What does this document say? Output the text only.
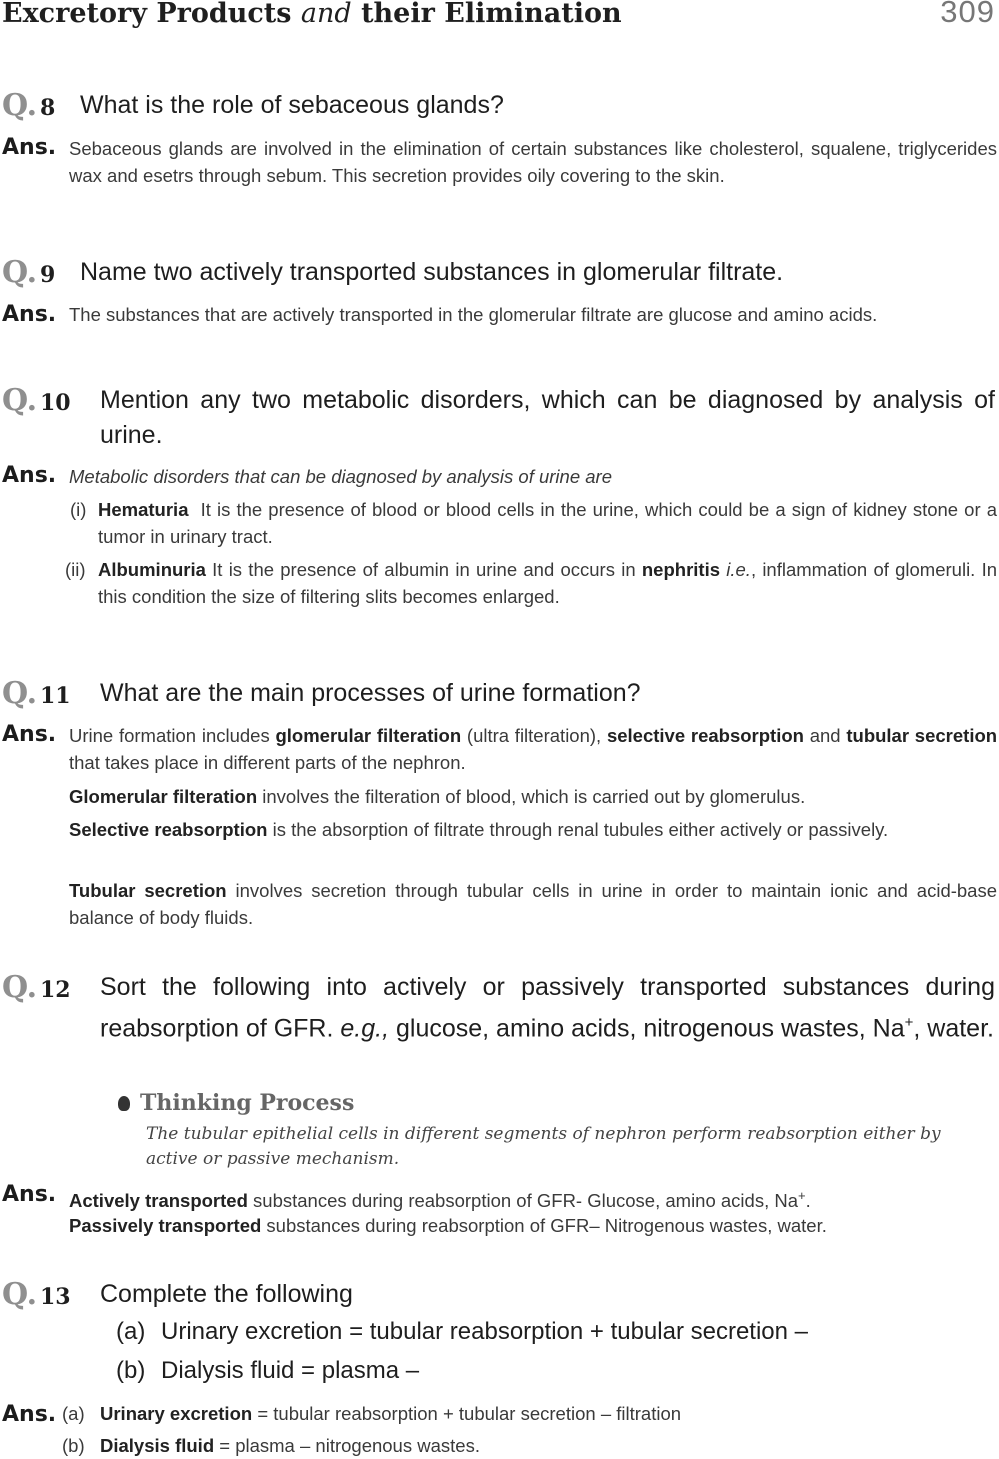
Excretory Products and their Elimination	309
Q. 8 What is the role of sebaceous glands?
Ans. Sebaceous glands are involved in the elimination of certain substances like cholesterol, squalene, triglycerides wax and esetrs through sebum. This secretion provides oily covering to the skin.
Q. 9 Name two actively transported substances in glomerular filtrate.
Ans. The substances that are actively transported in the glomerular filtrate are glucose and amino acids.
Q. 10 Mention any two metabolic disorders, which can be diagnosed by analysis of urine.
Ans. Metabolic disorders that can be diagnosed by analysis of urine are
(i) Hematuria It is the presence of blood or blood cells in the urine, which could be a sign of kidney stone or a tumor in urinary tract.
(ii) Albuminuria It is the presence of albumin in urine and occurs in nephritis i.e., inflammation of glomeruli. In this condition the size of filtering slits becomes enlarged.
Q. 11 What are the main processes of urine formation?
Ans. Urine formation includes glomerular filteration (ultra filteration), selective reabsorption and tubular secretion that takes place in different parts of the nephron.
Glomerular filteration involves the filteration of blood, which is carried out by glomerulus.
Selective reabsorption is the absorption of filtrate through renal tubules either actively or passively.
Tubular secretion involves secretion through tubular cells in urine in order to maintain ionic and acid-base balance of body fluids.
Q. 12 Sort the following into actively or passively transported substances during reabsorption of GFR. e.g., glucose, amino acids, nitrogenous wastes, Na+, water.
Thinking Process
The tubular epithelial cells in different segments of nephron perform reabsorption either by active or passive mechanism.
Ans. Actively transported substances during reabsorption of GFR- Glucose, amino acids, Na+.
Passively transported substances during reabsorption of GFR– Nitrogenous wastes, water.
Q. 13 Complete the following
(a) Urinary excretion = tubular reabsorption + tubular secretion –
(b) Dialysis fluid = plasma –
Ans. (a) Urinary excretion = tubular reabsorption + tubular secretion – filtration
(b) Dialysis fluid = plasma – nitrogenous wastes.
